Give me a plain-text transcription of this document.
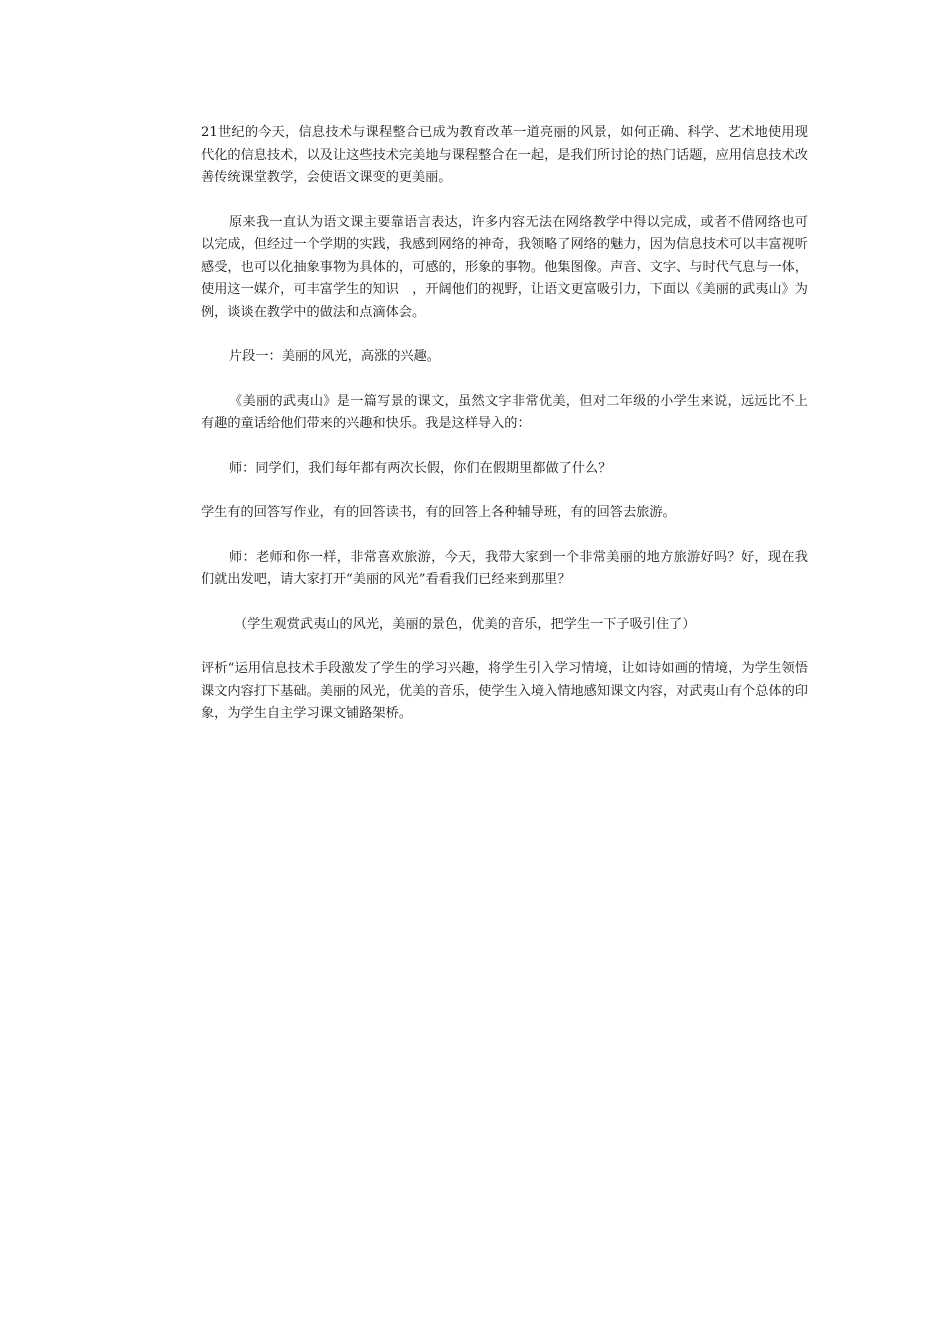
21世纪的今天，信息技术与课程整合已成为教育改革一道亮丽的风景，如何正确、科学、艺术地使用现代化的信息技术，以及让这些技术完美地与课程整合在一起，是我们所讨论的热门话题，应用信息技术改善传统课堂教学，会使语文课变的更美丽。

原来我一直认为语文课主要靠语言表达，许多内容无法在网络教学中得以完成，或者不借网络也可以完成，但经过一个学期的实践，我感到网络的神奇，我领略了网络的魅力，因为信息技术可以丰富视听感受，也可以化抽象事物为具体的，可感的，形象的事物。他集图像。声音、文字、与时代气息与一体，使用这一媒介，可丰富学生的知识　，开阔他们的视野，让语文更富吸引力，下面以《美丽的武夷山》为例，谈谈在教学中的做法和点滴体会。

片段一：美丽的风光，高涨的兴趣。

《美丽的武夷山》是一篇写景的课文，虽然文字非常优美，但对二年级的小学生来说，远远比不上有趣的童话给他们带来的兴趣和快乐。我是这样导入的：

师：同学们，我们每年都有两次长假，你们在假期里都做了什么？

学生有的回答写作业，有的回答读书，有的回答上各种辅导班，有的回答去旅游。

师：老师和你一样，非常喜欢旅游，今天，我带大家到一个非常美丽的地方旅游好吗？好，现在我们就出发吧，请大家打开“美丽的风光”看看我们已经来到那里？

（学生观赏武夷山的风光，美丽的景色，优美的音乐，把学生一下子吸引住了）

评析“运用信息技术手段激发了学生的学习兴趣，将学生引入学习情境，让如诗如画的情境，为学生领悟课文内容打下基础。美丽的风光，优美的音乐，使学生入境入情地感知课文内容，对武夷山有个总体的印象，为学生自主学习课文铺路架桥。
